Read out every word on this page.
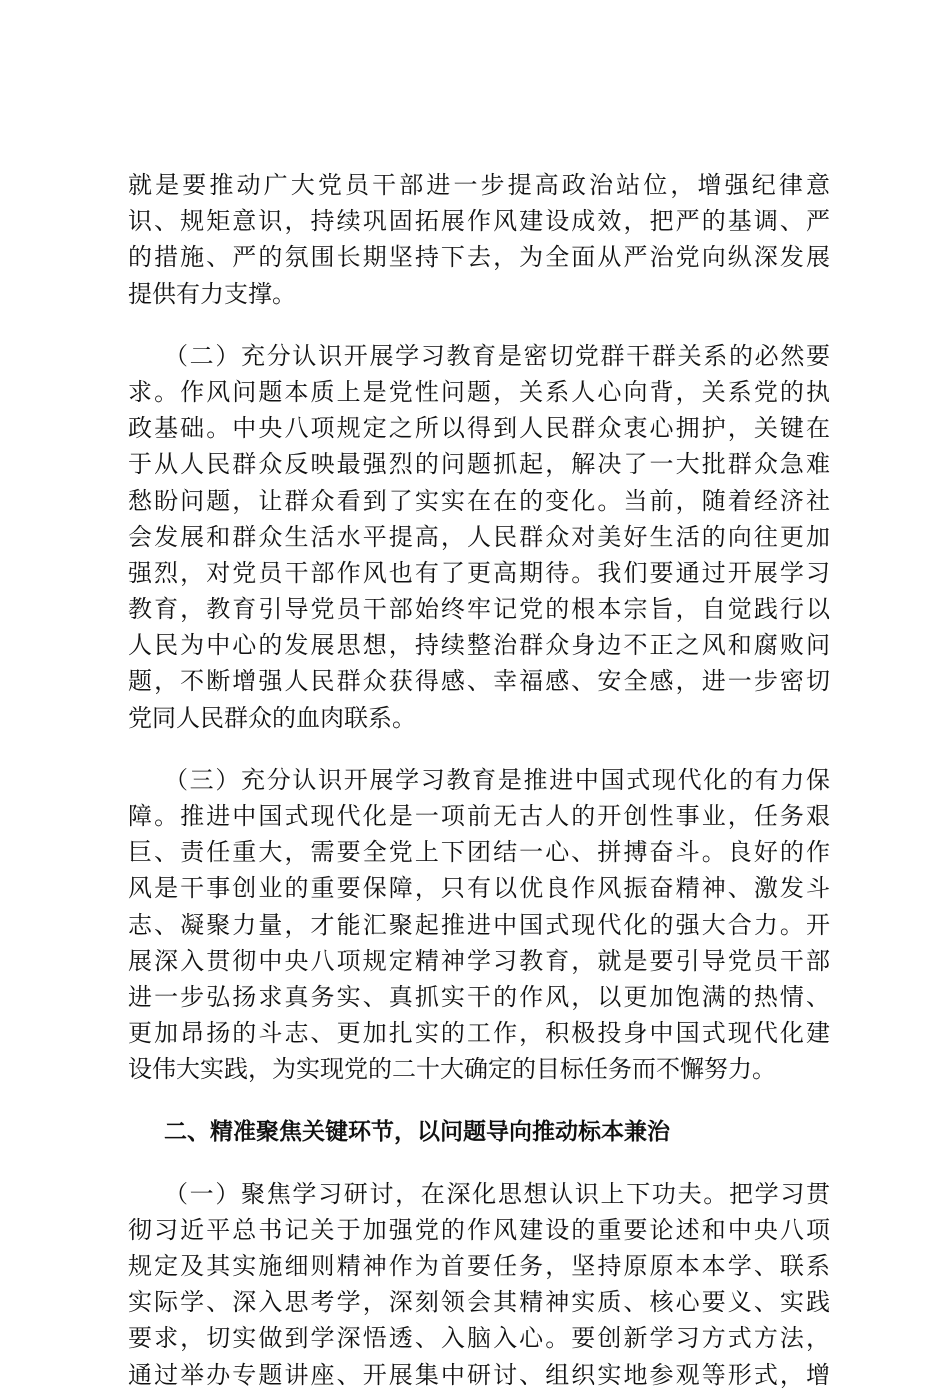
就是要推动广大党员干部进一步提高政治站位，增强纪律意
识、规矩意识，持续巩固拓展作风建设成效，把严的基调、严
的措施、严的氛围长期坚持下去，为全面从严治党向纵深发展
提供有力支撑。
（二）充分认识开展学习教育是密切党群干群关系的必然要
求。作风问题本质上是党性问题，关系人心向背，关系党的执
政基础。中央八项规定之所以得到人民群众衷心拥护，关键在
于从人民群众反映最强烈的问题抓起，解决了一大批群众急难
愁盼问题，让群众看到了实实在在的变化。当前，随着经济社
会发展和群众生活水平提高，人民群众对美好生活的向往更加
强烈，对党员干部作风也有了更高期待。我们要通过开展学习
教育，教育引导党员干部始终牢记党的根本宗旨，自觉践行以
人民为中心的发展思想，持续整治群众身边不正之风和腐败问
题，不断增强人民群众获得感、幸福感、安全感，进一步密切
党同人民群众的血肉联系。
（三）充分认识开展学习教育是推进中国式现代化的有力保
障。推进中国式现代化是一项前无古人的开创性事业，任务艰
巨、责任重大，需要全党上下团结一心、拼搏奋斗。良好的作
风是干事创业的重要保障，只有以优良作风振奋精神、激发斗
志、凝聚力量，才能汇聚起推进中国式现代化的强大合力。开
展深入贯彻中央八项规定精神学习教育，就是要引导党员干部
进一步弘扬求真务实、真抓实干的作风，以更加饱满的热情、
更加昂扬的斗志、更加扎实的工作，积极投身中国式现代化建
设伟大实践，为实现党的二十大确定的目标任务而不懈努力。
二、精准聚焦关键环节，以问题导向推动标本兼治
（一）聚焦学习研讨，在深化思想认识上下功夫。把学习贯
彻习近平总书记关于加强党的作风建设的重要论述和中央八项
规定及其实施细则精神作为首要任务，坚持原原本本学、联系
实际学、深入思考学，深刻领会其精神实质、核心要义、实践
要求，切实做到学深悟透、入脑入心。要创新学习方式方法，
通过举办专题讲座、开展集中研讨、组织实地参观等形式，增
